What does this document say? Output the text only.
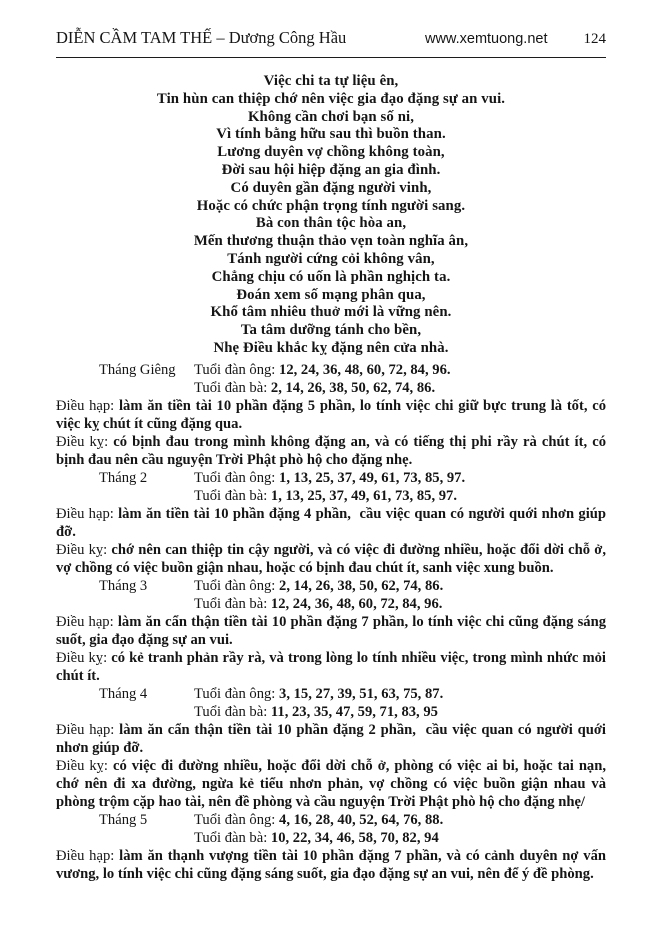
DIỄN CẦM TAM THẾ – Dương Công Hầu	www.xemtuong.net 124
Việc chi ta tự liệu ên,
Tin hùn can thiệp chớ nên việc gia đạo đặng sự an vui.
Không cần chơi bạn số ni,
Vì tính bằng hữu sau thì buồn than.
Lương duyên vợ chồng không toàn,
Đời sau hội hiệp đặng an gia đình.
Có duyên gần đặng người vinh,
Hoặc có chức phận trọng tính người sang.
Bà con thân tộc hòa an,
Mến thương thuận thảo vẹn toàn nghĩa ân,
Tánh người cứng cỏi không vân,
Chẳng chịu có uốn là phần nghịch ta.
Đoán xem số mạng phân qua,
Khổ tâm nhiêu thuở mới là vững nên.
Ta tâm dưỡng tánh cho bền,
Nhẹ Điều khắc kỵ đặng nên cửa nhà.
Tháng Giêng Tuổi đàn ông: 12, 24, 36, 48, 60, 72, 84, 96.
Tuổi đàn bà: 2, 14, 26, 38, 50, 62, 74, 86.

Điều hạp: làm ăn tiền tài 10 phần đặng 5 phần, lo tính việc chi giữ bực trung là tốt, có việc kỵ chút ít cũng đặng qua.

Điều kỵ: có bịnh đau trong mình không đặng an, và có tiếng thị phi rầy rà chút ít, có bịnh đau nên cầu nguyện Trời Phật phò hộ cho đặng nhẹ.

Tháng 2	Tuổi đàn ông: 1, 13, 25, 37, 49, 61, 73, 85, 97.
Tuổi đàn bà: 1, 13, 25, 37, 49, 61, 73, 85, 97.

Điều hạp: làm ăn tiền tài 10 phần đặng 4 phần,  cầu việc quan có người quới nhơn giúp đỡ.

Điều kỵ: chớ nên can thiệp tin cậy người, và có việc đi đường nhiều, hoặc đổi dời chỗ ở, vợ chồng có việc buồn giận nhau, hoặc có bịnh đau chút ít, sanh việc xung buồn.

Tháng 3	Tuổi đàn ông: 2, 14, 26, 38, 50, 62, 74, 86.
Tuổi đàn bà: 12, 24, 36, 48, 60, 72, 84, 96.

Điều hạp: làm ăn cẩn thận tiền tài 10 phần đặng 7 phần, lo tính việc chi cũng đặng sáng suốt, gia đạo đặng sự an vui.

Điều kỵ: có kẻ tranh phản rầy rà, và trong lòng lo tính nhiều việc, trong mình nhức mỏi chút ít.

Tháng 4	Tuổi đàn ông: 3, 15, 27, 39, 51, 63, 75, 87.
Tuổi đàn bà: 11, 23, 35, 47, 59, 71, 83, 95

Điều hạp: làm ăn cẩn thận tiền tài 10 phần đặng 2 phần,  cầu việc quan có người quới nhơn giúp đỡ.

Điều kỵ: có việc đi đường nhiều, hoặc đổi dời chỗ ở, phòng có việc ai bi, hoặc tai nạn, chớ nên đi xa đường, ngừa kẻ tiểu nhơn phản, vợ chồng có việc buồn giận nhau và phòng trộm cặp hao tài, nên đề phòng và cầu nguyện Trời Phật phò hộ cho đặng nhẹ/

Tháng 5	Tuổi đàn ông: 4, 16, 28, 40, 52, 64, 76, 88.
Tuổi đàn bà: 10, 22, 34, 46, 58, 70, 82, 94

Điều hạp: làm ăn thạnh vượng tiền tài 10 phần đặng 7 phần, và có cảnh duyên nợ vấn vương, lo tính việc chi cũng đặng sáng suốt, gia đạo đặng sự an vui, nên để ý đề phòng.
